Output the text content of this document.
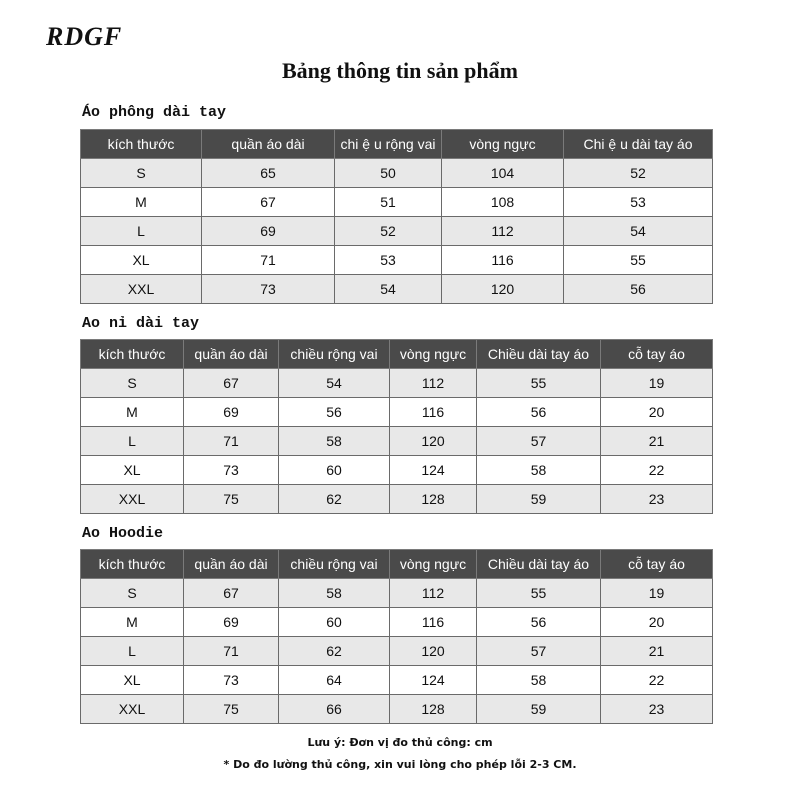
RDGF
Bảng thông tin sản phẩm
Áo phông dài tay
kích thước	quần áo dài	chi ệ u rộng vai	vòng ngực	Chi ệ u dài tay áo
S	65	50	104	52
M	67	51	108	53
L	69	52	112	54
XL	71	53	116	55
XXL	73	54	120	56
Ao nỉ dài tay
kích thước	quần áo dài	chiều rộng vai	vòng ngực	Chiều dài tay áo	cỗ tay áo
S	67	54	112	55	19
M	69	56	116	56	20
L	71	58	120	57	21
XL	73	60	124	58	22
XXL	75	62	128	59	23
Ao Hoodie
kích thước	quần áo dài	chiều rộng vai	vòng ngực	Chiều dài tay áo	cỗ tay áo
S	67	58	112	55	19
M	69	60	116	56	20
L	71	62	120	57	21
XL	73	64	124	58	22
XXL	75	66	128	59	23
Lưu ý: Đơn vị đo thủ công: cm
* Do đo lường thủ công, xin vui lòng cho phép lỗi 2-3 CM.
